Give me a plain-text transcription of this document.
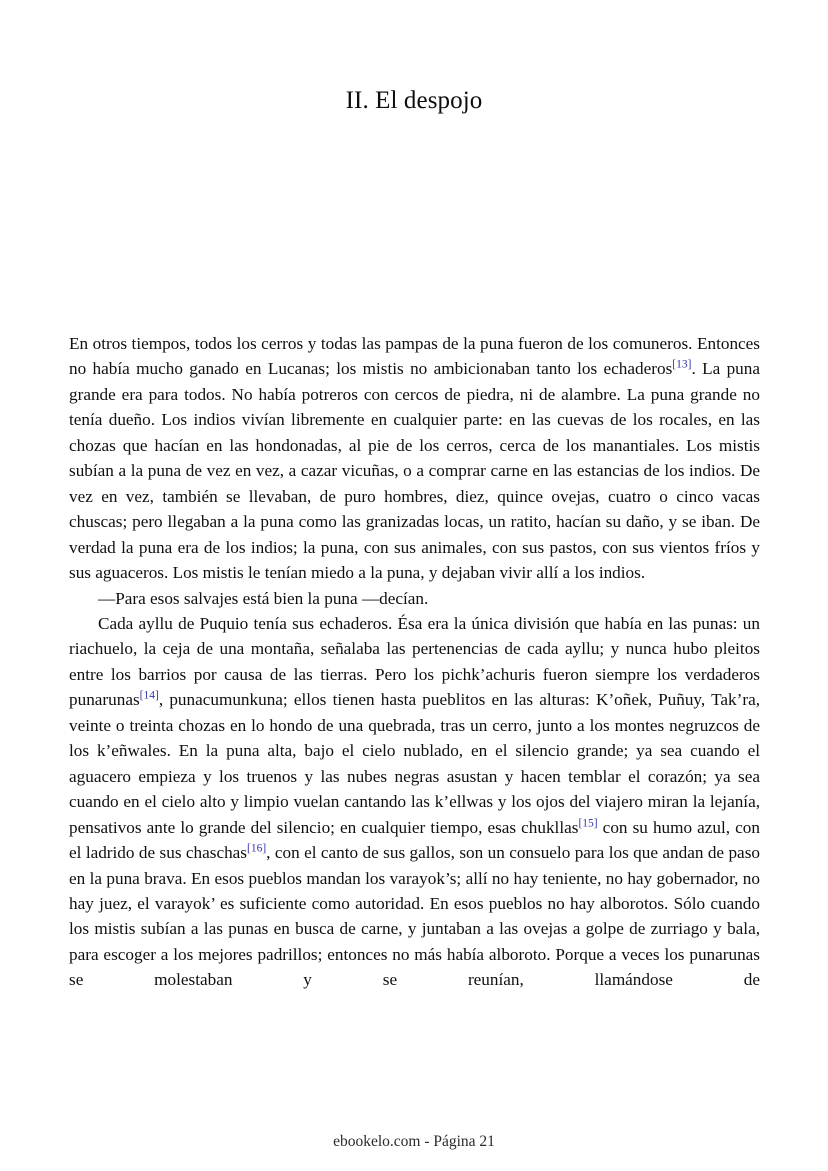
II. El despojo

En otros tiempos, todos los cerros y todas las pampas de la puna fueron de los comuneros. Entonces no había mucho ganado en Lucanas; los mistis no ambicionaban tanto los echaderos[13]. La puna grande era para todos. No había potreros con cercos de piedra, ni de alambre. La puna grande no tenía dueño. Los indios vivían libremente en cualquier parte: en las cuevas de los rocales, en las chozas que hacían en las hondonadas, al pie de los cerros, cerca de los manantiales. Los mistis subían a la puna de vez en vez, a cazar vicuñas, o a comprar carne en las estancias de los indios. De vez en vez, también se llevaban, de puro hombres, diez, quince ovejas, cuatro o cinco vacas chuscas; pero llegaban a la puna como las granizadas locas, un ratito, hacían su daño, y se iban. De verdad la puna era de los indios; la puna, con sus animales, con sus pastos, con sus vientos fríos y sus aguaceros. Los mistis le tenían miedo a la puna, y dejaban vivir allí a los indios.

—Para esos salvajes está bien la puna —decían.

Cada ayllu de Puquio tenía sus echaderos. Ésa era la única división que había en las punas: un riachuelo, la ceja de una montaña, señalaba las pertenencias de cada ayllu; y nunca hubo pleitos entre los barrios por causa de las tierras. Pero los pichk’achuris fueron siempre los verdaderos punarunas[14], punacumunkuna; ellos tienen hasta pueblitos en las alturas: K’oñek, Puñuy, Tak’ra, veinte o treinta chozas en lo hondo de una quebrada, tras un cerro, junto a los montes negruzcos de los k’eñwales. En la puna alta, bajo el cielo nublado, en el silencio grande; ya sea cuando el aguacero empieza y los truenos y las nubes negras asustan y hacen temblar el corazón; ya sea cuando en el cielo alto y limpio vuelan cantando las k’ellwas y los ojos del viajero miran la lejanía, pensativos ante lo grande del silencio; en cualquier tiempo, esas chukllas[15] con su humo azul, con el ladrido de sus chaschas[16], con el canto de sus gallos, son un consuelo para los que andan de paso en la puna brava. En esos pueblos mandan los varayok’s; allí no hay teniente, no hay gobernador, no hay juez, el varayok’ es suficiente como autoridad. En esos pueblos no hay alborotos. Sólo cuando los mistis subían a las punas en busca de carne, y juntaban a las ovejas a golpe de zurriago y bala, para escoger a los mejores padrillos; entonces no más había alboroto. Porque a veces los punarunas se molestaban y se reunían, llamándose de

ebookelo.com - Página 21
